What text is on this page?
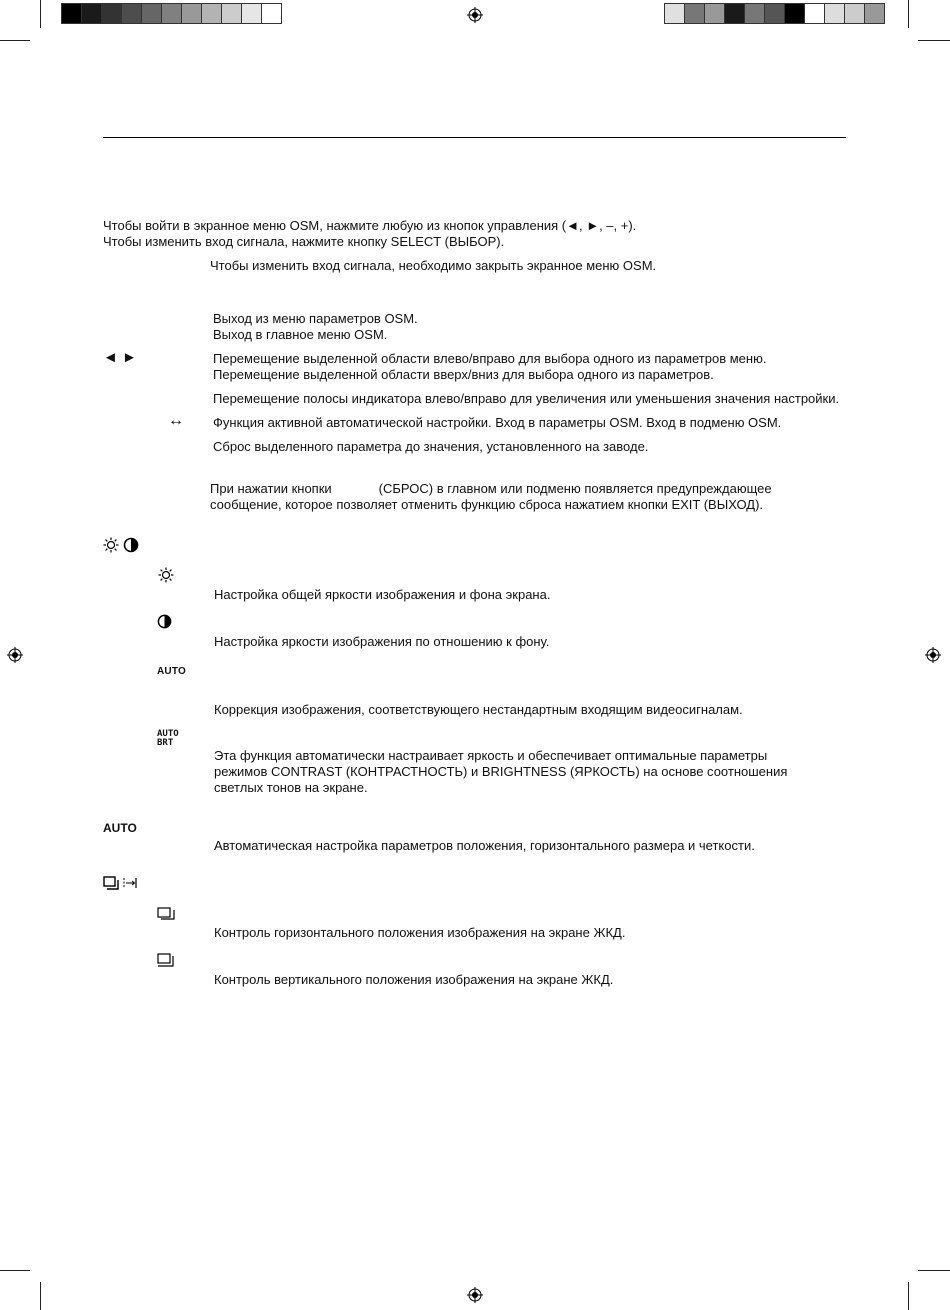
Чтобы войти в экранное меню OSM, нажмите любую из кнопок управления (◄, ►, –, +).
Чтобы изменить вход сигнала, нажмите кнопку SELECT (ВЫБОР).
Чтобы изменить вход сигнала, необходимо закрыть экранное меню OSM.
Выход из меню параметров OSM.
Выход в главное меню OSM.
◄ ►	Перемещение выделенной области влево/вправо для выбора одного из параметров меню.
Перемещение выделенной области вверх/вниз для выбора одного из параметров.
Перемещение полосы индикатора влево/вправо для увеличения или уменьшения значения настройки.
↔ Функция активной автоматической настройки. Вход в параметры OSM. Вход в подменю OSM.
Сброс выделенного параметра до значения, установленного на заводе.
При нажатии кнопки             (СБРОС) в главном или подменю появляется предупреждающее
сообщение, которое позволяет отменить функцию сброса нажатием кнопки EXIT (ВЫХОД).
Настройка общей яркости изображения и фона экрана.
Настройка яркости изображения по отношению к фону.
AUTO
Коррекция изображения, соответствующего нестандартным входящим видеосигналам.
AUTO
BRT
Эта функция автоматически настраивает яркость и обеспечивает оптимальные параметры
режимов CONTRAST (КОНТРАСТНОСТЬ) и BRIGHTNESS (ЯРКОСТЬ) на основе соотношения
светлых тонов на экране.
AUTO
Автоматическая настройка параметров положения, горизонтального размера и четкости.
Контроль горизонтального положения изображения на экране ЖКД.
Контроль вертикального положения изображения на экране ЖКД.
